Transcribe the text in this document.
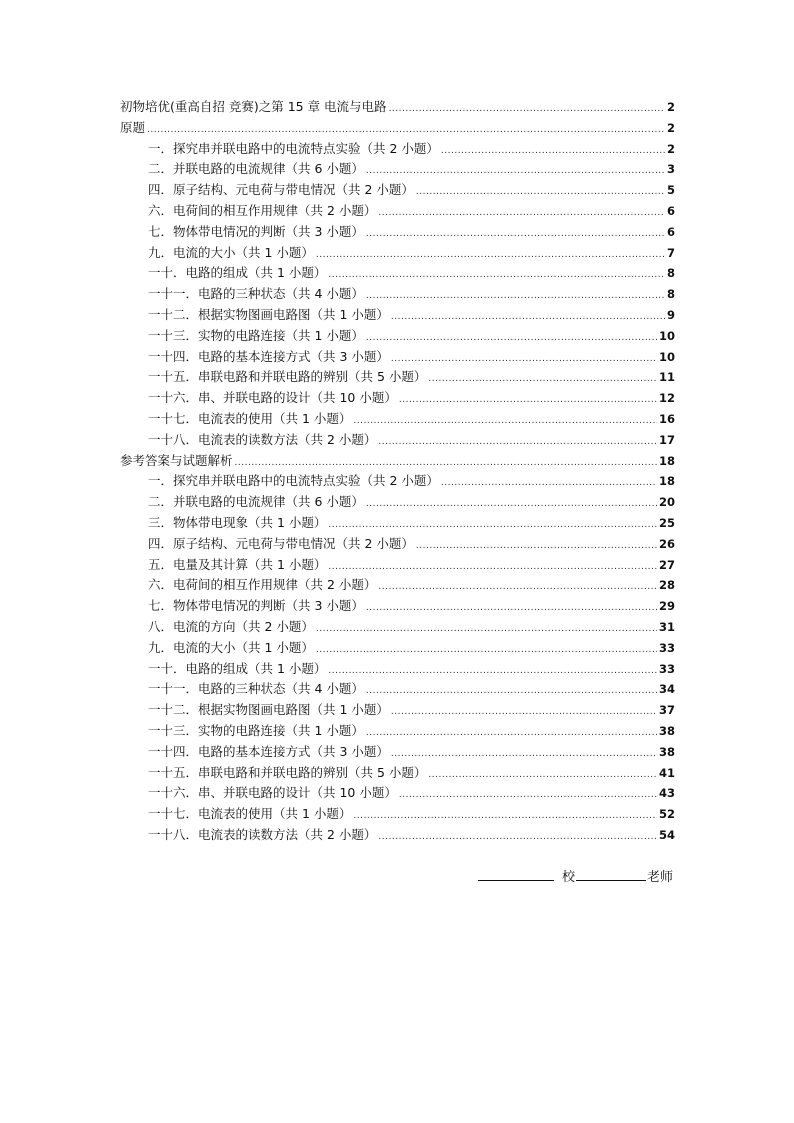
初物培优(重高自招 竞赛)之第 15 章 电流与电路 .....	2
原题 .....	2
一．探究串并联电路中的电流特点实验（共 2 小题） .....	2
二．并联电路的电流规律（共 6 小题） .....	3
四．原子结构、元电荷与带电情况（共 2 小题） .....	5
六．电荷间的相互作用规律（共 2 小题） .....	6
七．物体带电情况的判断（共 3 小题） .....	6
九．电流的大小（共 1 小题） .....	7
一十．电路的组成（共 1 小题） .....	8
一十一．电路的三种状态（共 4 小题） .....	8
一十二．根据实物图画电路图（共 1 小题） .....	9
一十三．实物的电路连接（共 1 小题） .....	10
一十四．电路的基本连接方式（共 3 小题） .....	10
一十五．串联电路和并联电路的辨别（共 5 小题） .....	11
一十六．串、并联电路的设计（共 10 小题） .....	12
一十七．电流表的使用（共 1 小题） .....	16
一十八．电流表的读数方法（共 2 小题） .....	17
参考答案与试题解析 .....	18
一．探究串并联电路中的电流特点实验（共 2 小题） .....	18
二．并联电路的电流规律（共 6 小题） .....	20
三．物体带电现象（共 1 小题） .....	25
四．原子结构、元电荷与带电情况（共 2 小题） .....	26
五．电量及其计算（共 1 小题） .....	27
六．电荷间的相互作用规律（共 2 小题） .....	28
七．物体带电情况的判断（共 3 小题） .....	29
八．电流的方向（共 2 小题） .....	31
九．电流的大小（共 1 小题） .....	33
一十．电路的组成（共 1 小题） .....	33
一十一．电路的三种状态（共 4 小题） .....	34
一十二．根据实物图画电路图（共 1 小题） .....	37
一十三．实物的电路连接（共 1 小题） .....	38
一十四．电路的基本连接方式（共 3 小题） .....	38
一十五．串联电路和并联电路的辨别（共 5 小题） .....	41
一十六．串、并联电路的设计（共 10 小题） .....	43
一十七．电流表的使用（共 1 小题） .....	52
一十八．电流表的读数方法（共 2 小题） .....	54
校	老师
